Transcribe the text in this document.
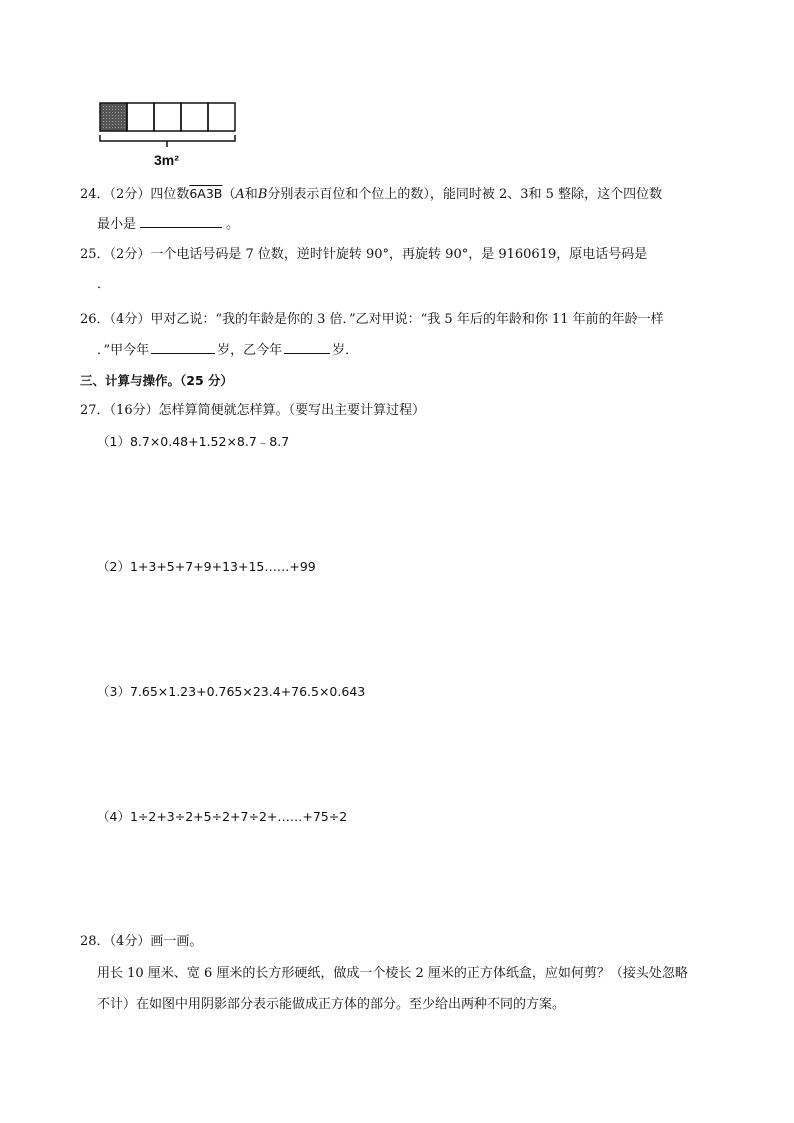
3m²
24．（2分）四位数6A3B（A和B分别表示百位和个位上的数），能同时被 2、3和 5 整除，这个四位数
最小是	。
25．（2分）一个电话号码是 7 位数，逆时针旋转 90°，再旋转 90°，是 9160619，原电话号码是
．
26．（4分）甲对乙说：“我的年龄是你的 3 倍．”乙对甲说：“我 5 年后的年龄和你 11 年前的年龄一样
．”甲今年	岁，乙今年	岁．
三、计算与操作。（25 分）
27．（16分）怎样算简便就怎样算。（要写出主要计算过程）
（1）8.7×0.48+1.52×8.7﹣8.7
（2）1+3+5+7+9+13+15……+99
（3）7.65×1.23+0.765×23.4+76.5×0.643
（4）1÷2+3÷2+5÷2+7÷2+……+75÷2
28．（4分）画一画。
用长 10 厘米、宽 6 厘米的长方形硬纸，做成一个棱长 2 厘米的正方体纸盒，应如何剪？（接头处忽略
不计）在如图中用阴影部分表示能做成正方体的部分。至少给出两种不同的方案。
